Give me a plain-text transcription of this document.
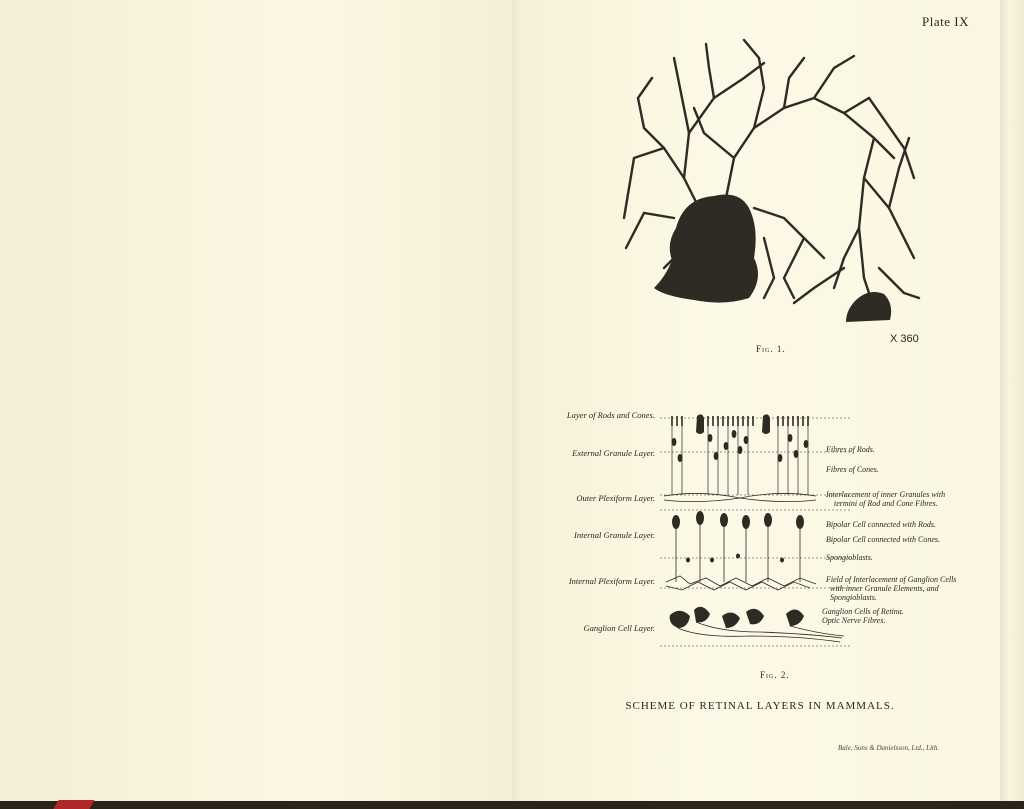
Plate IX
X 360
Fig. 1.
Layer of Rods and Cones.
External Granule Layer.
Outer Plexiform Layer.
Internal Granule Layer.
Internal Plexiform Layer.
Ganglion Cell Layer.
Fibres of Rods.
Fibres of Cones.
Interlacement of inner Granules with
termini of Rod and Cone Fibres.
Bipolar Cell connected with Rods.
Bipolar Cell connected with Cones.
Spongioblasts.
Field of Interlacement of Ganglion Cells
with inner Granule Elements, and
Spongioblasts.
Ganglion Cells of Retina.
Optic Nerve Fibres.
Fig. 2.
SCHEME OF RETINAL LAYERS IN MAMMALS.
Bale, Sons & Danielsson, Ltd., Lith.
